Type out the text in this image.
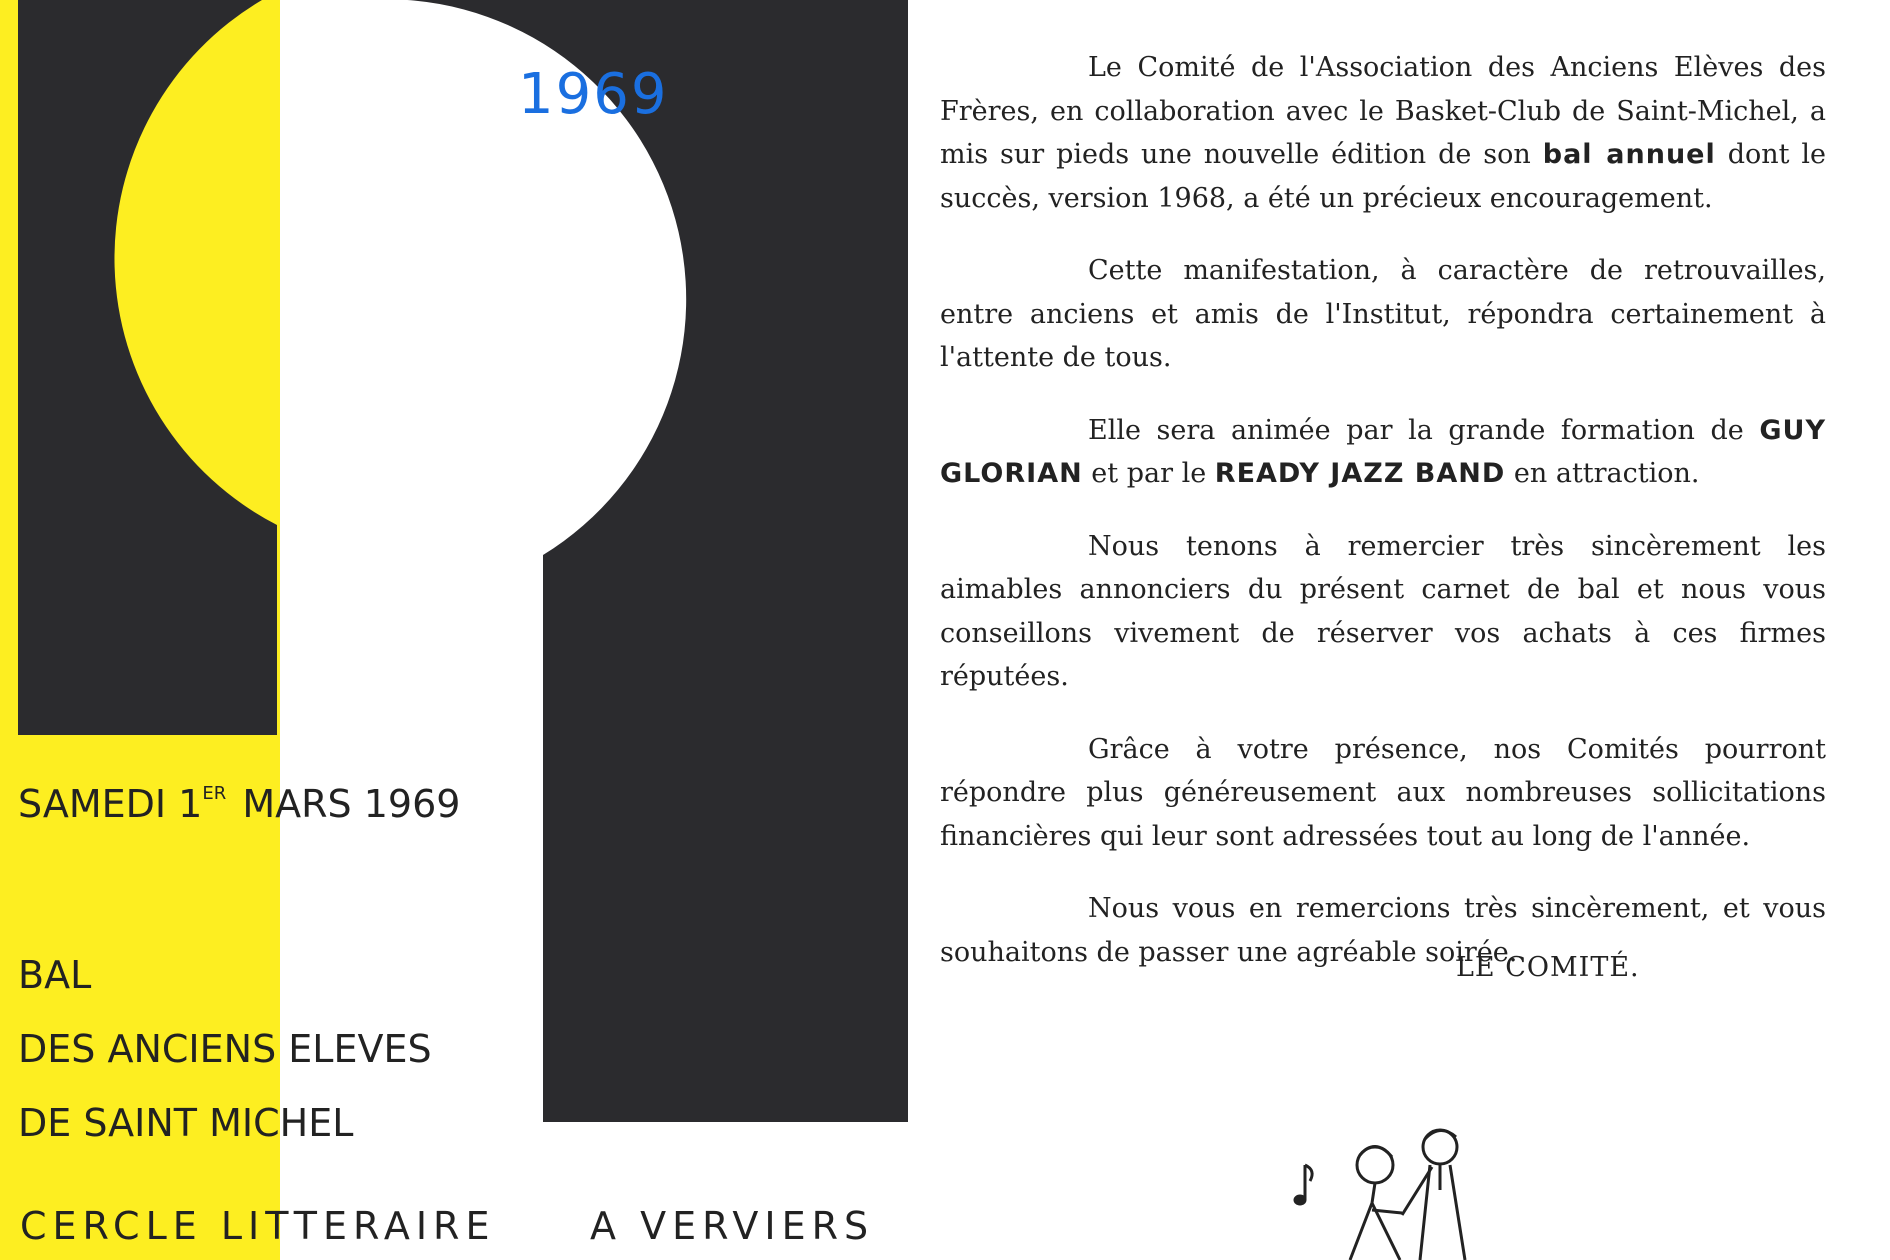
1969
SAMEDI 1ER MARS 1969
BAL
DES ANCIENS ELEVES
DE SAINT MICHEL
CERCLE LITTERAIRE A VERVIERS

Le Comité de l'Association des Anciens Elèves des Frères, en collaboration avec le Basket-Club de Saint-Michel, a mis sur pieds une nouvelle édition de son bal annuel dont le succès, version 1968, a été un précieux encouragement.

Cette manifestation, à caractère de retrouvailles, entre anciens et amis de l'Institut, répondra certainement à l'attente de tous.

Elle sera animée par la grande formation de GUY GLORIAN et par le READY JAZZ BAND en attraction.

Nous tenons à remercier très sincèrement les aimables annonciers du présent carnet de bal et nous vous conseillons vivement de réserver vos achats à ces firmes réputées.

Grâce à votre présence, nos Comités pourront répondre plus généreusement aux nombreuses sollicitations financières qui leur sont adressées tout au long de l'année.

Nous vous en remercions très sincèrement, et vous souhaitons de passer une agréable soirée.

LE COMITÉ.
